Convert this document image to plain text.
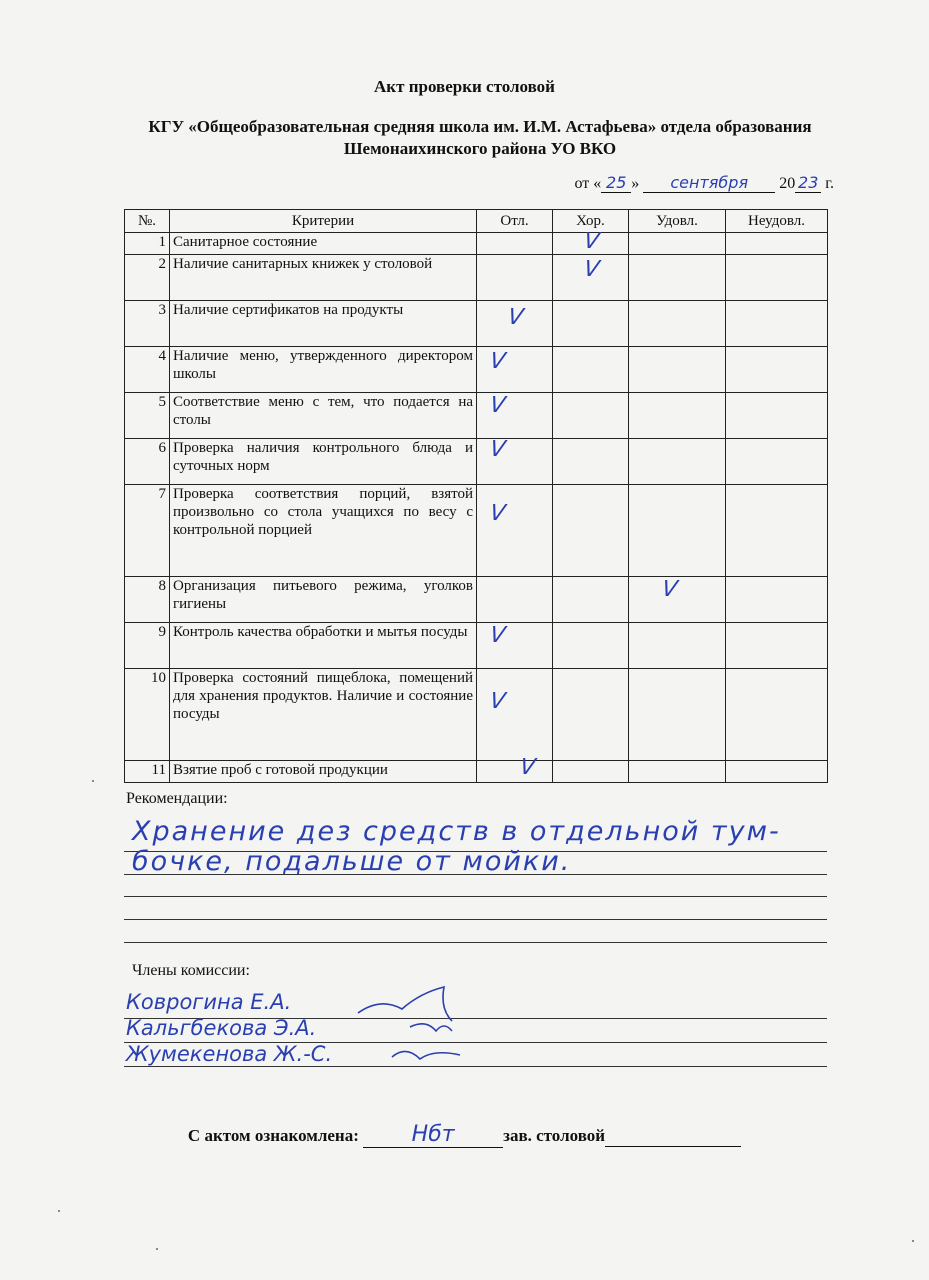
Акт проверки столовой
КГУ «Общеобразовательная средняя школа им. И.М. Астафьева» отдела образования Шемонаихинского района УО ВКО
от « 25 » сентября 20 23 г.
№.	Критерии	Отл.	Хор.	Удовл.	Неудовл.
1	Санитарное состояние		V		
2	Наличие санитарных книжек у столовой		V		
3	Наличие сертификатов на продукты	V			
4	Наличие меню, утвержденного директором школы	V			
5	Соответствие меню с тем, что подается на столы	V			
6	Проверка наличия контрольного блюда и суточных норм	V			
7	Проверка соответствия порций, взятой произвольно со стола учащихся по весу с контрольной порцией	V			
8	Организация питьевого режима, уголков гигиены			V	
9	Контроль качества обработки и мытья посуды	V			
10	Проверка состояний пищеблока, помещений для хранения продуктов. Наличие и состояние посуды	V			
11	Взятие проб с готовой продукции	V			
Рекомендации:
Хранение дез средств в отдельной тум-
бочке, подальше от мойки.
Члены комиссии:
Коврогина Е.А.
Кальгбекова Э.А.
Жумекенова Ж.-С.
С актом ознакомлена: Нбт	зав. столовой
